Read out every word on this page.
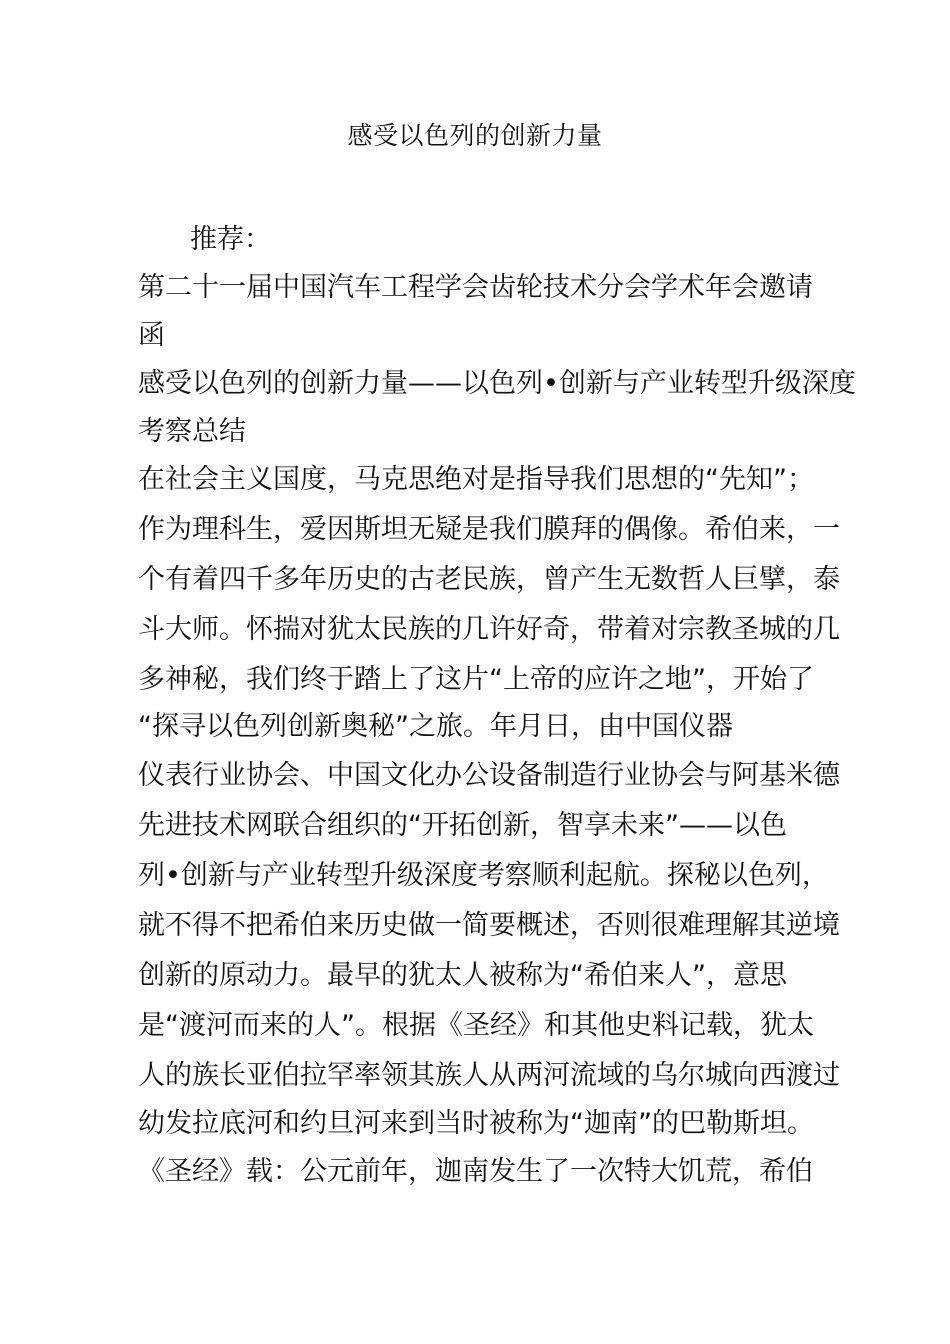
感受以色列的创新力量
推荐：
第二十一届中国汽车工程学会齿轮技术分会学术年会邀请
函
感受以色列的创新力量——以色列•创新与产业转型升级深度
考察总结
在社会主义国度，马克思绝对是指导我们思想的“先知”；
作为理科生，爱因斯坦无疑是我们膜拜的偶像。希伯来，一
个有着四千多年历史的古老民族，曾产生无数哲人巨擘，泰
斗大师。怀揣对犹太民族的几许好奇，带着对宗教圣城的几
多神秘，我们终于踏上了这片“上帝的应许之地”，开始了
“探寻以色列创新奥秘”之旅。年月日，由中国仪器
仪表行业协会、中国文化办公设备制造行业协会与阿基米德
先进技术网联合组织的“开拓创新，智享未来”——以色
列•创新与产业转型升级深度考察顺利起航。探秘以色列，
就不得不把希伯来历史做一简要概述，否则很难理解其逆境
创新的原动力。最早的犹太人被称为“希伯来人”，意思
是“渡河而来的人”。根据《圣经》和其他史料记载，犹太
人的族长亚伯拉罕率领其族人从两河流域的乌尔城向西渡过
幼发拉底河和约旦河来到当时被称为“迦南”的巴勒斯坦。
《圣经》载：公元前年，迦南发生了一次特大饥荒，希伯
